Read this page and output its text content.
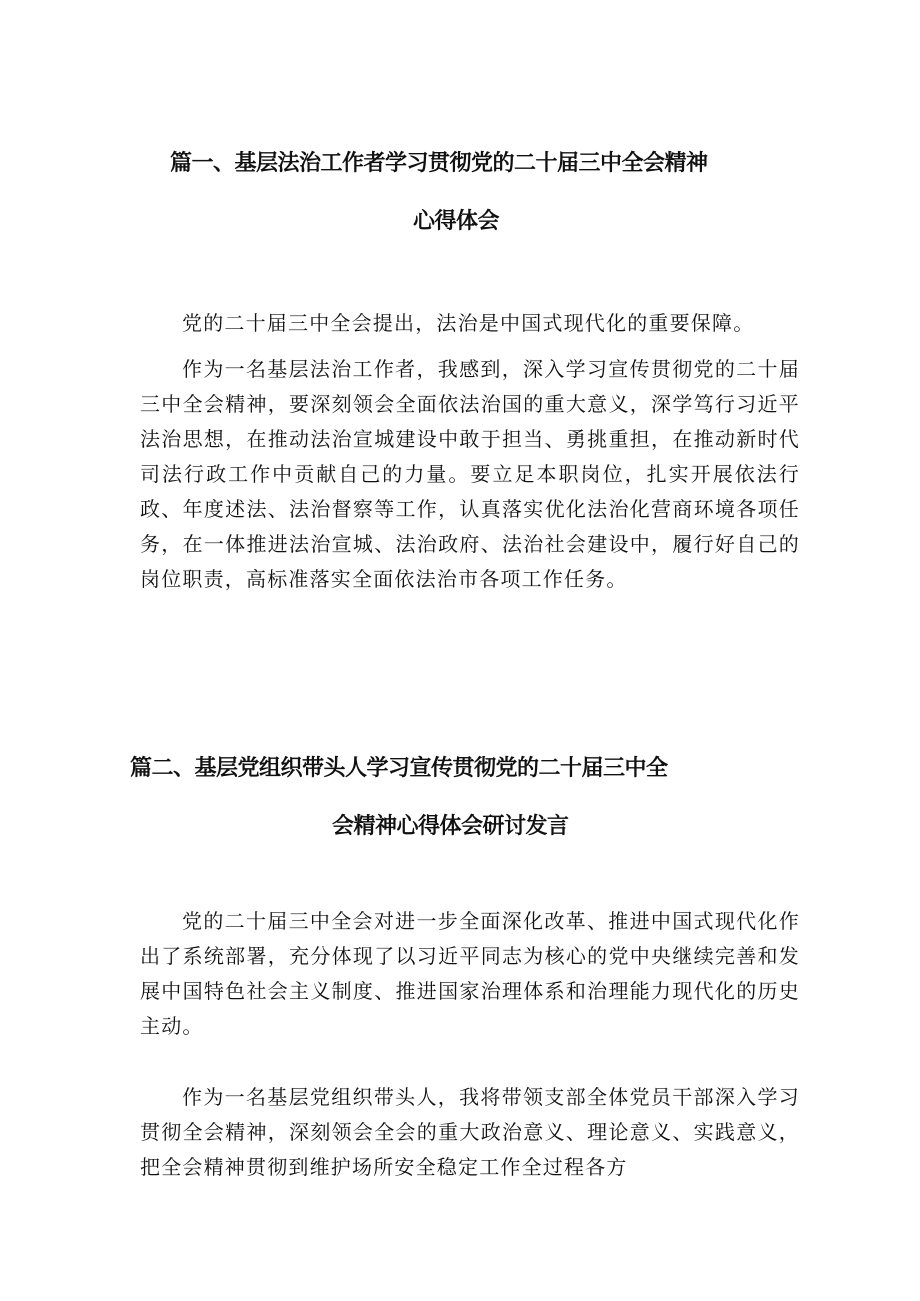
篇一、基层法治工作者学习贯彻党的二十届三中全会精神
心得体会

党的二十届三中全会提出，法治是中国式现代化的重要保障。

作为一名基层法治工作者，我感到，深入学习宣传贯彻党的二十届三中全会精神，要深刻领会全面依法治国的重大意义，深学笃行习近平法治思想，在推动法治宣城建设中敢于担当、勇挑重担，在推动新时代司法行政工作中贡献自己的力量。要立足本职岗位，扎实开展依法行政、年度述法、法治督察等工作，认真落实优化法治化营商环境各项任务，在一体推进法治宣城、法治政府、法治社会建设中，履行好自己的岗位职责，高标准落实全面依法治市各项工作任务。

篇二、基层党组织带头人学习宣传贯彻党的二十届三中全
会精神心得体会研讨发言

党的二十届三中全会对进一步全面深化改革、推进中国式现代化作出了系统部署，充分体现了以习近平同志为核心的党中央继续完善和发展中国特色社会主义制度、推进国家治理体系和治理能力现代化的历史主动。

作为一名基层党组织带头人，我将带领支部全体党员干部深入学习贯彻全会精神，深刻领会全会的重大政治意义、理论意义、实践意义，把全会精神贯彻到维护场所安全稳定工作全过程各方
